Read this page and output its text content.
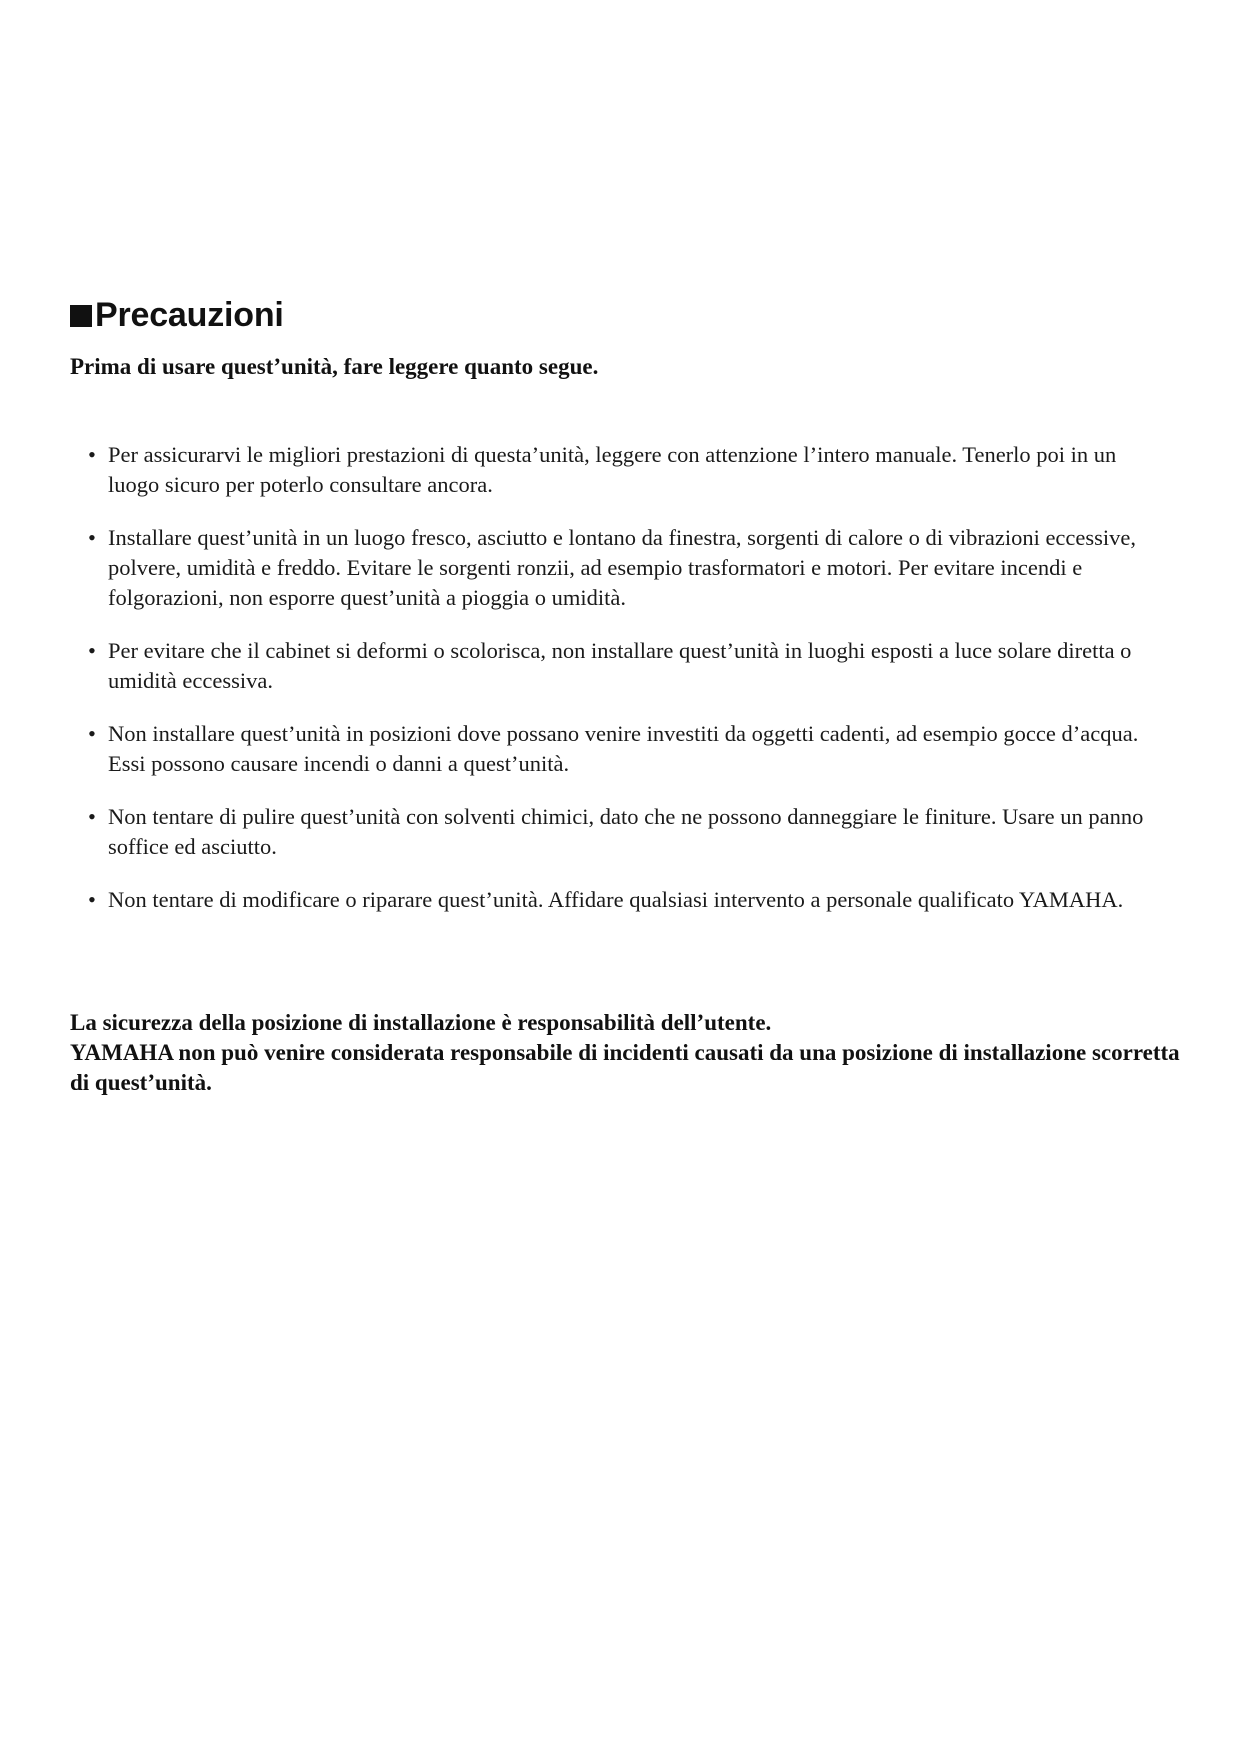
Precauzioni

Prima di usare quest’unità, fare leggere quanto segue.

• Per assicurarvi le migliori prestazioni di questa’unità, leggere con attenzione l’intero manuale. Tenerlo poi in un luogo sicuro per poterlo consultare ancora.
• Installare quest’unità in un luogo fresco, asciutto e lontano da finestra, sorgenti di calore o di vibrazioni eccessive, polvere, umidità e freddo. Evitare le sorgenti ronzii, ad esempio trasformatori e motori. Per evitare incendi e folgorazioni, non esporre quest’unità a pioggia o umidità.
• Per evitare che il cabinet si deformi o scolorisca, non installare quest’unità in luoghi esposti a luce solare diretta o umidità eccessiva.
• Non installare quest’unità in posizioni dove possano venire investiti da oggetti cadenti, ad esempio gocce d’acqua. Essi possono causare incendi o danni a quest’unità.
• Non tentare di pulire quest’unità con solventi chimici, dato che ne possono danneggiare le finiture. Usare un panno soffice ed asciutto.
• Non tentare di modificare o riparare quest’unità. Affidare qualsiasi intervento a personale qualificato YAMAHA.
La sicurezza della posizione di installazione è responsabilità dell’utente.
YAMAHA non può venire considerata responsabile di incidenti causati da una posizione di installazione scorretta di quest’unità.
